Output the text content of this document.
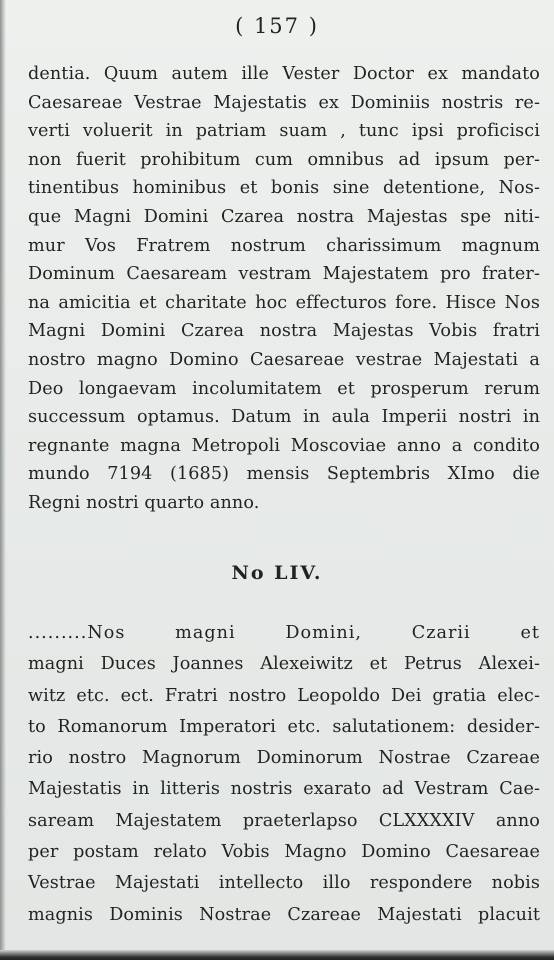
( 157 )
dentia. Quum autem ille Vester Doctor ex mandato
Caesareae Vestrae Majestatis ex Dominiis nostris re-
verti voluerit in patriam suam , tunc ipsi proficisci
non fuerit prohibitum cum omnibus ad ipsum per-
tinentibus hominibus et bonis sine detentione, Nos-
que Magni Domini Czarea nostra Majestas spe niti-
mur Vos Fratrem nostrum charissimum magnum
Dominum Caesaream vestram Majestatem pro frater-
na amicitia et charitate hoc effecturos fore. Hisce Nos
Magni Domini Czarea nostra Majestas Vobis fratri
nostro magno Domino Caesareae vestrae Majestati a
Deo longaevam incolumitatem et prosperum rerum
successum optamus. Datum in aula Imperii nostri in
regnante magna Metropoli Moscoviae anno a condito
mundo 7194 (1685) mensis Septembris XImo die
Regni nostri quarto anno.
No LIV.
.........Nos magni Domini, Czarii et
magni Duces Joannes Alexeiwitz et Petrus Alexei-
witz etc. ect. Fratri nostro Leopoldo Dei gratia elec-
to Romanorum Imperatori etc. salutationem: desider-
rio nostro Magnorum Dominorum Nostrae Czareae
Majestatis in litteris nostris exarato ad Vestram Cae-
saream Majestatem praeterlapso CLXXXXIV anno
per postam relato Vobis Magno Domino Caesareae
Vestrae Majestati intellecto illo respondere nobis
magnis Dominis Nostrae Czareae Majestati placuit
